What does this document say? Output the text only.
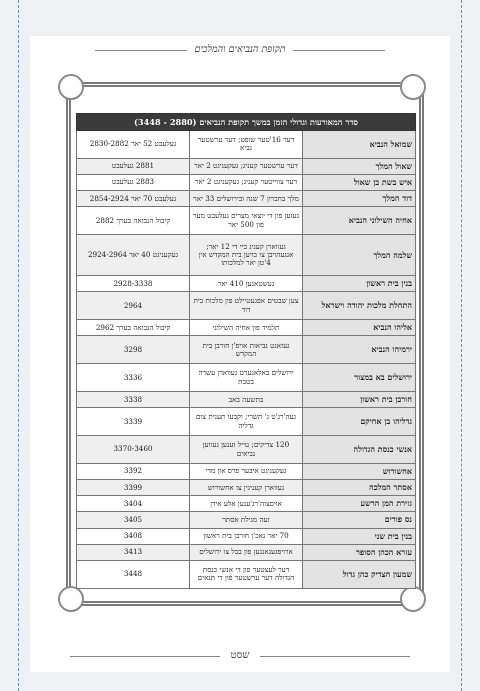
תקופת הנביאים והמלכים
סדר המאורעות וגדולי הזמן במשך תקופת הנביאים (2880 - 3448)		
שמואל הנביא	דער 16'טער שופט; דער ערשטער נביא	געלעבט 52 יאר 2830-2882
שאול המלך	דער ערשטער קעניג; געקעניגט 2 יאר	2881 געלעבט
איש בשת בן שאול	דער צווייטער קעניג; געקעניגט 2 יאר	2883 געלעבט
דוד המלך	מלך בחברון 7 שנה ובירושלים 33 יאר	געלעבט 70 יאר 2854-2924
אחיה השילוני הנביא	געזען פון די יוצאי מצרים געלעבט מער פון 500 יאר	קיבול הנבואה בערך 2882
שלמה המלך	געווארן קעניג ביי די 12 יאר; אנגעהויבן צו בויען בית המקדש אין 4'טן יאר למלכותו	געקעניגט 40 יאר 2924-2964
בנין בית ראשון	געשטאנען 410 יאר	2928-3338
התחלת מלכות יהודה וישראל	צען שבטים אפגעטיילט פון מלכות בית דוד	2964
אליהו הנביא	תלמיד פון אחיה השילוני	קיבול הנבואה בערך 2962
ירמיהו הנביא	געזאגט נביאות אויפ'ן חורבן בית המקדש	3298
ירושלים בא במצור	ירושלים באלאגערט געווארן עשרה בטבת	3336
חורבן בית ראשון	בתשעה באב	3338
גדליהו בן אחיקם	געה'רג'ט ג' תשרי; וקבעו תענית צום גדליה	3339
אנשי כנסת הגדולה	120 צדיקים; טייל זענען געווען נביאים	3370-3460
אחשורוש	געקעניגט איבער פרס און מדי	3392
אסתר המלכה	געווארן קעניגין צו אחשורוש	3399
גזירת המן הרשע	אויסצוה'רג'ענען אלע אידן	3404
נס פורים	זעה מגילת אסתר	3405
בנין בית שני	70 יאר נאכ'ן חורבן בית ראשון	3408
עזרא הכהן הסופר	ארויפגעגאנגען פון בבל צו ירושלים	3413
שמעון הצדיק כהן גדול	דער לעצטער פון די אנשי כנסת הגדולה דער ערשטער פון די תנאים	3448
שסט
